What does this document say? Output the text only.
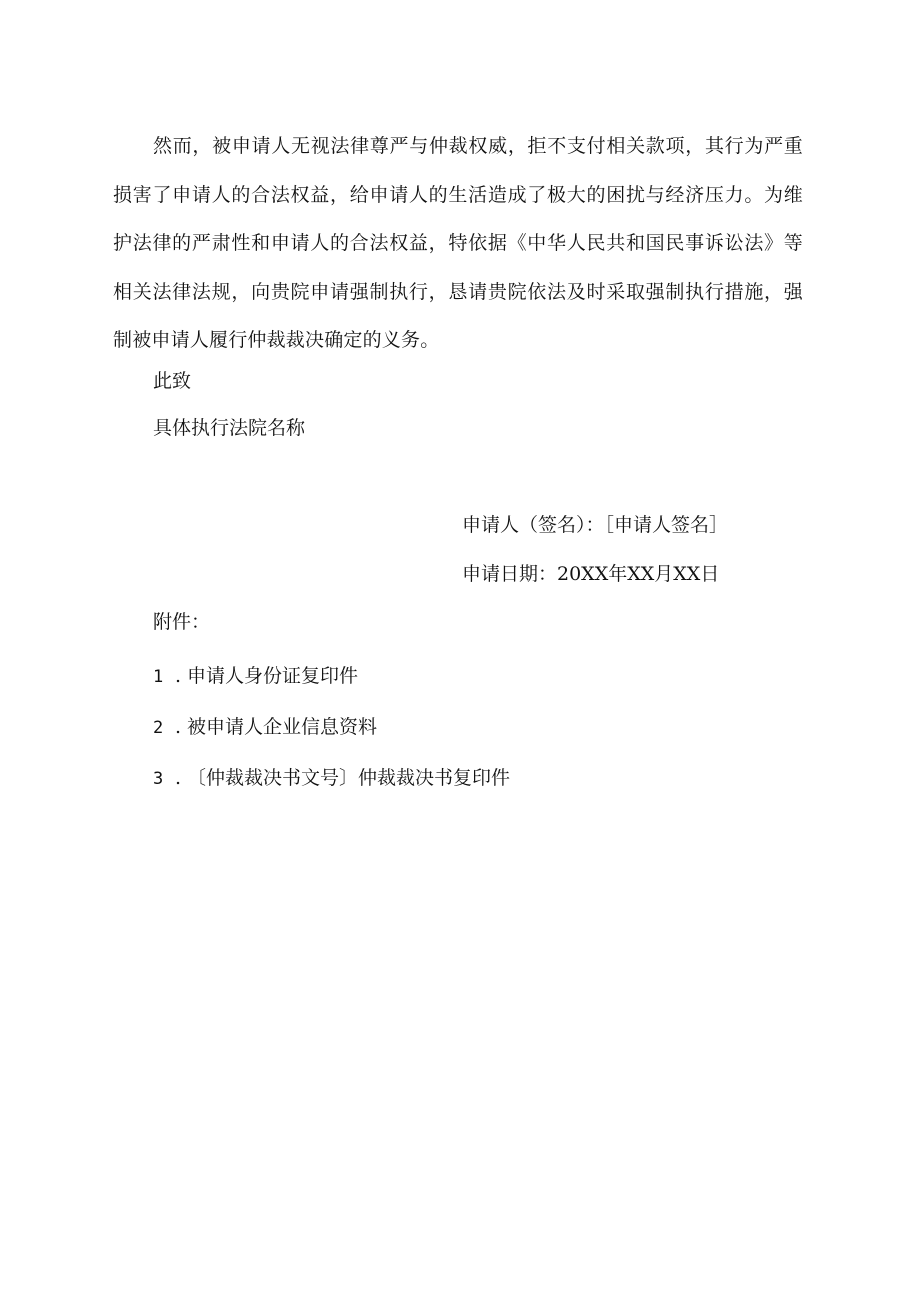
然而，被申请人无视法律尊严与仲裁权威，拒不支付相关款项，其行为严重损害了申请人的合法权益，给申请人的生活造成了极大的困扰与经济压力。为维护法律的严肃性和申请人的合法权益，特依据《中华人民共和国民事诉讼法》等相关法律法规，向贵院申请强制执行，恳请贵院依法及时采取强制执行措施，强制被申请人履行仲裁裁决确定的义务。

此致

具体执行法院名称

申请人（签名）：［申请人签名］

申请日期：20XX年XX月XX日

附件：

1 . 申请人身份证复印件

2 . 被申请人企业信息资料

3 . 〔仲裁裁决书文号〕仲裁裁决书复印件
